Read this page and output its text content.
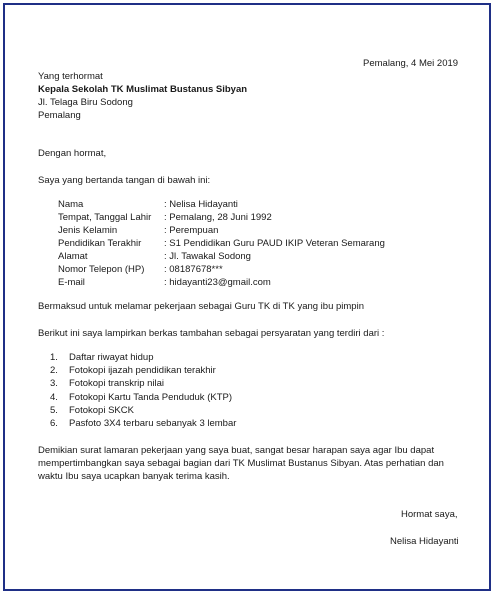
Pemalang, 4 Mei 2019
Yang terhormat
Kepala Sekolah TK Muslimat Bustanus Sibyan
Jl. Telaga Biru Sodong
Pemalang
Dengan hormat,
Saya yang bertanda tangan di bawah ini:
Nama	: Nelisa Hidayanti
Tempat, Tanggal Lahir : Pemalang, 28 Juni 1992
Jenis Kelamin	: Perempuan
Pendidikan Terakhir : S1 Pendidikan Guru PAUD IKIP Veteran Semarang
Alamat	: Jl. Tawakal Sodong
Nomor Telepon (HP) : 08187678***
E-mail	: hidayanti23@gmail.com
Bermaksud untuk melamar pekerjaan sebagai Guru TK di TK yang ibu pimpin
Berikut ini saya lampirkan berkas tambahan sebagai persyaratan yang terdiri dari :
1. Daftar riwayat hidup
2. Fotokopi ijazah pendidikan terakhir
3. Fotokopi transkrip nilai
4. Fotokopi Kartu Tanda Penduduk (KTP)
5. Fotokopi SKCK
6. Pasfoto 3X4 terbaru sebanyak 3 lembar
Demikian surat lamaran pekerjaan yang saya buat, sangat besar harapan saya agar Ibu dapat mempertimbangkan saya sebagai bagian dari TK Muslimat Bustanus Sibyan. Atas perhatian dan waktu Ibu saya ucapkan banyak terima kasih.
Hormat saya,
Nelisa Hidayanti
